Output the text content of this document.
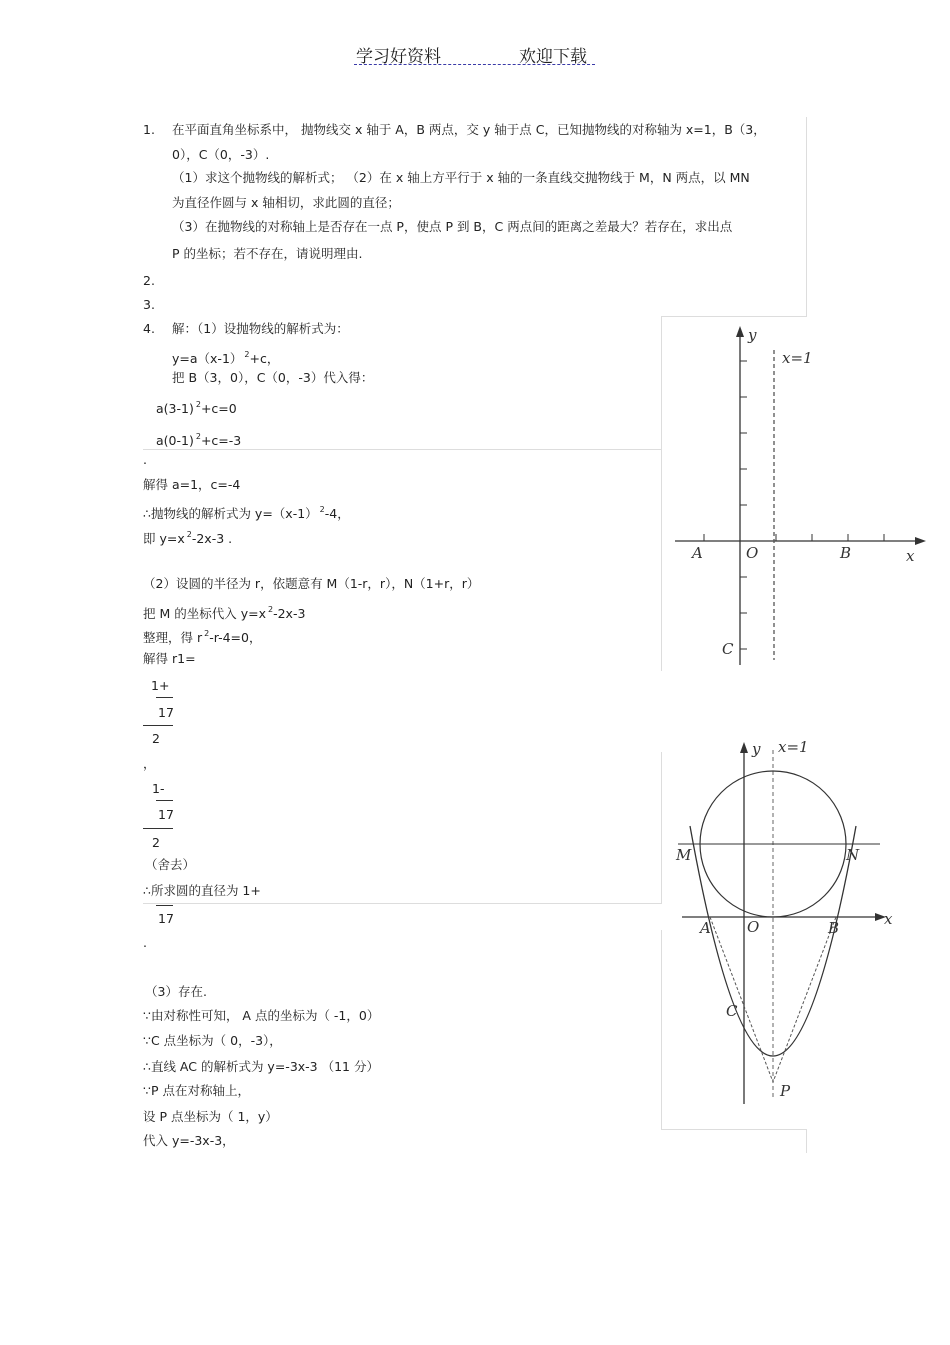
学习好资料	欢迎下载
1. 在平面直角坐标系中， 抛物线交 x 轴于 A，B 两点，交 y 轴于点 C，已知抛物线的对称轴为 x=1，B（3，
0），C（0，-3）.
（1）求这个抛物线的解析式； （2）在 x 轴上方平行于 x 轴的一条直线交抛物线于 M，N 两点，以 MN
为直径作圆与 x 轴相切，求此圆的直径；
（3）在抛物线的对称轴上是否存在一点 P，使点 P 到 B，C 两点间的距离之差最大？若存在，求出点
P 的坐标；若不存在，请说明理由.
2.
3.
4. 解：（1）设抛物线的解析式为：
y=a（x-1） $^2$+c，
把 B（3，0），C（0，-3）代入得：
a(3-1) $^2$+c=0
a(0-1) $^2$+c=-3
.
解得 a=1，c=-4
∴抛物线的解析式为 y=（x-1） $^2$-4，
即 y=x $^2$-2x-3 .
（2）设圆的半径为 r，依题意有 M（1-r，r），N（1+r，r）
把 M 的坐标代入 y=x $^2$-2x-3
整理，得 r $^2$-r-4=0，
解得 r1=
1+
17
2
，
1-
17
2
（舍去）
∴所求圆的直径为 1+
17
.
（3）存在.
∵由对称性可知， A 点的坐标为（ -1，0）
∵C 点坐标为（ 0，-3），
∴直线 AC 的解析式为 y=-3x-3 （11 分）
∵P 点在对称轴上，
设 P 点坐标为（ 1，y）
代入 y=-3x-3，
y
x=1
A	O	B	x
C
y x=1
M	N
A O	B	x
C
P
